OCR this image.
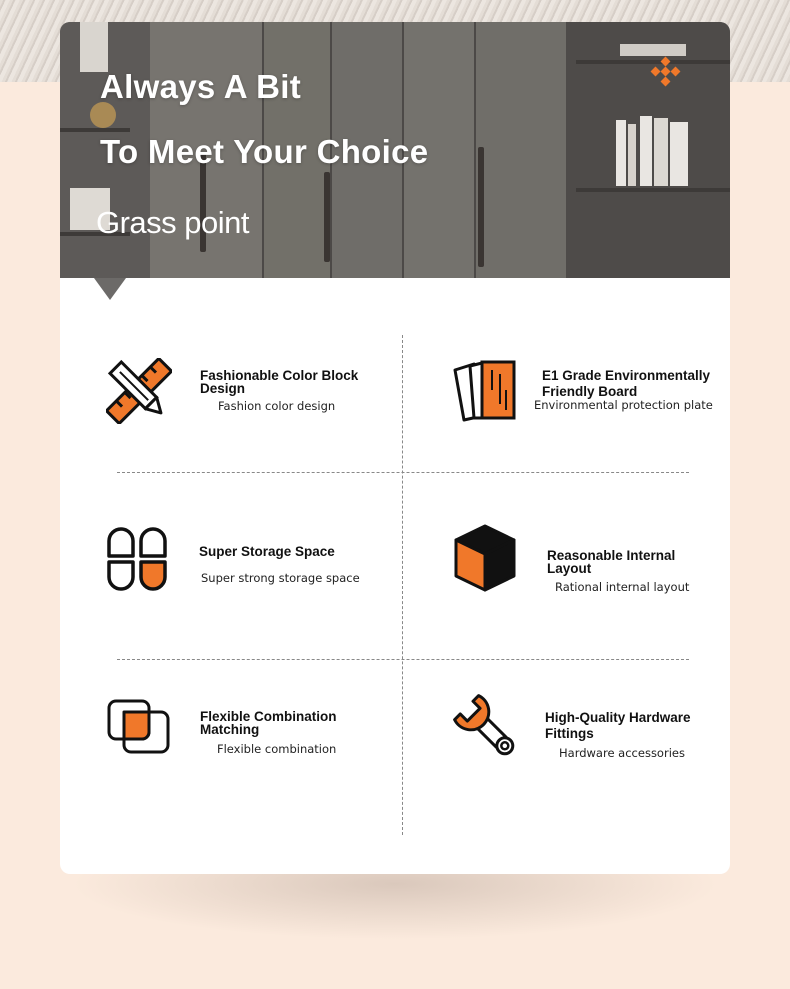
Always A Bit
To Meet Your Choice
Grass point
Fashionable Color Block Design
Fashion color design
E1 Grade Environmentally Friendly Board
Environmental protection plate
Super Storage Space
Super strong storage space
Reasonable Internal Layout
Rational internal layout
Flexible Combination Matching
Flexible combination
High-Quality Hardware Fittings
Hardware accessories
